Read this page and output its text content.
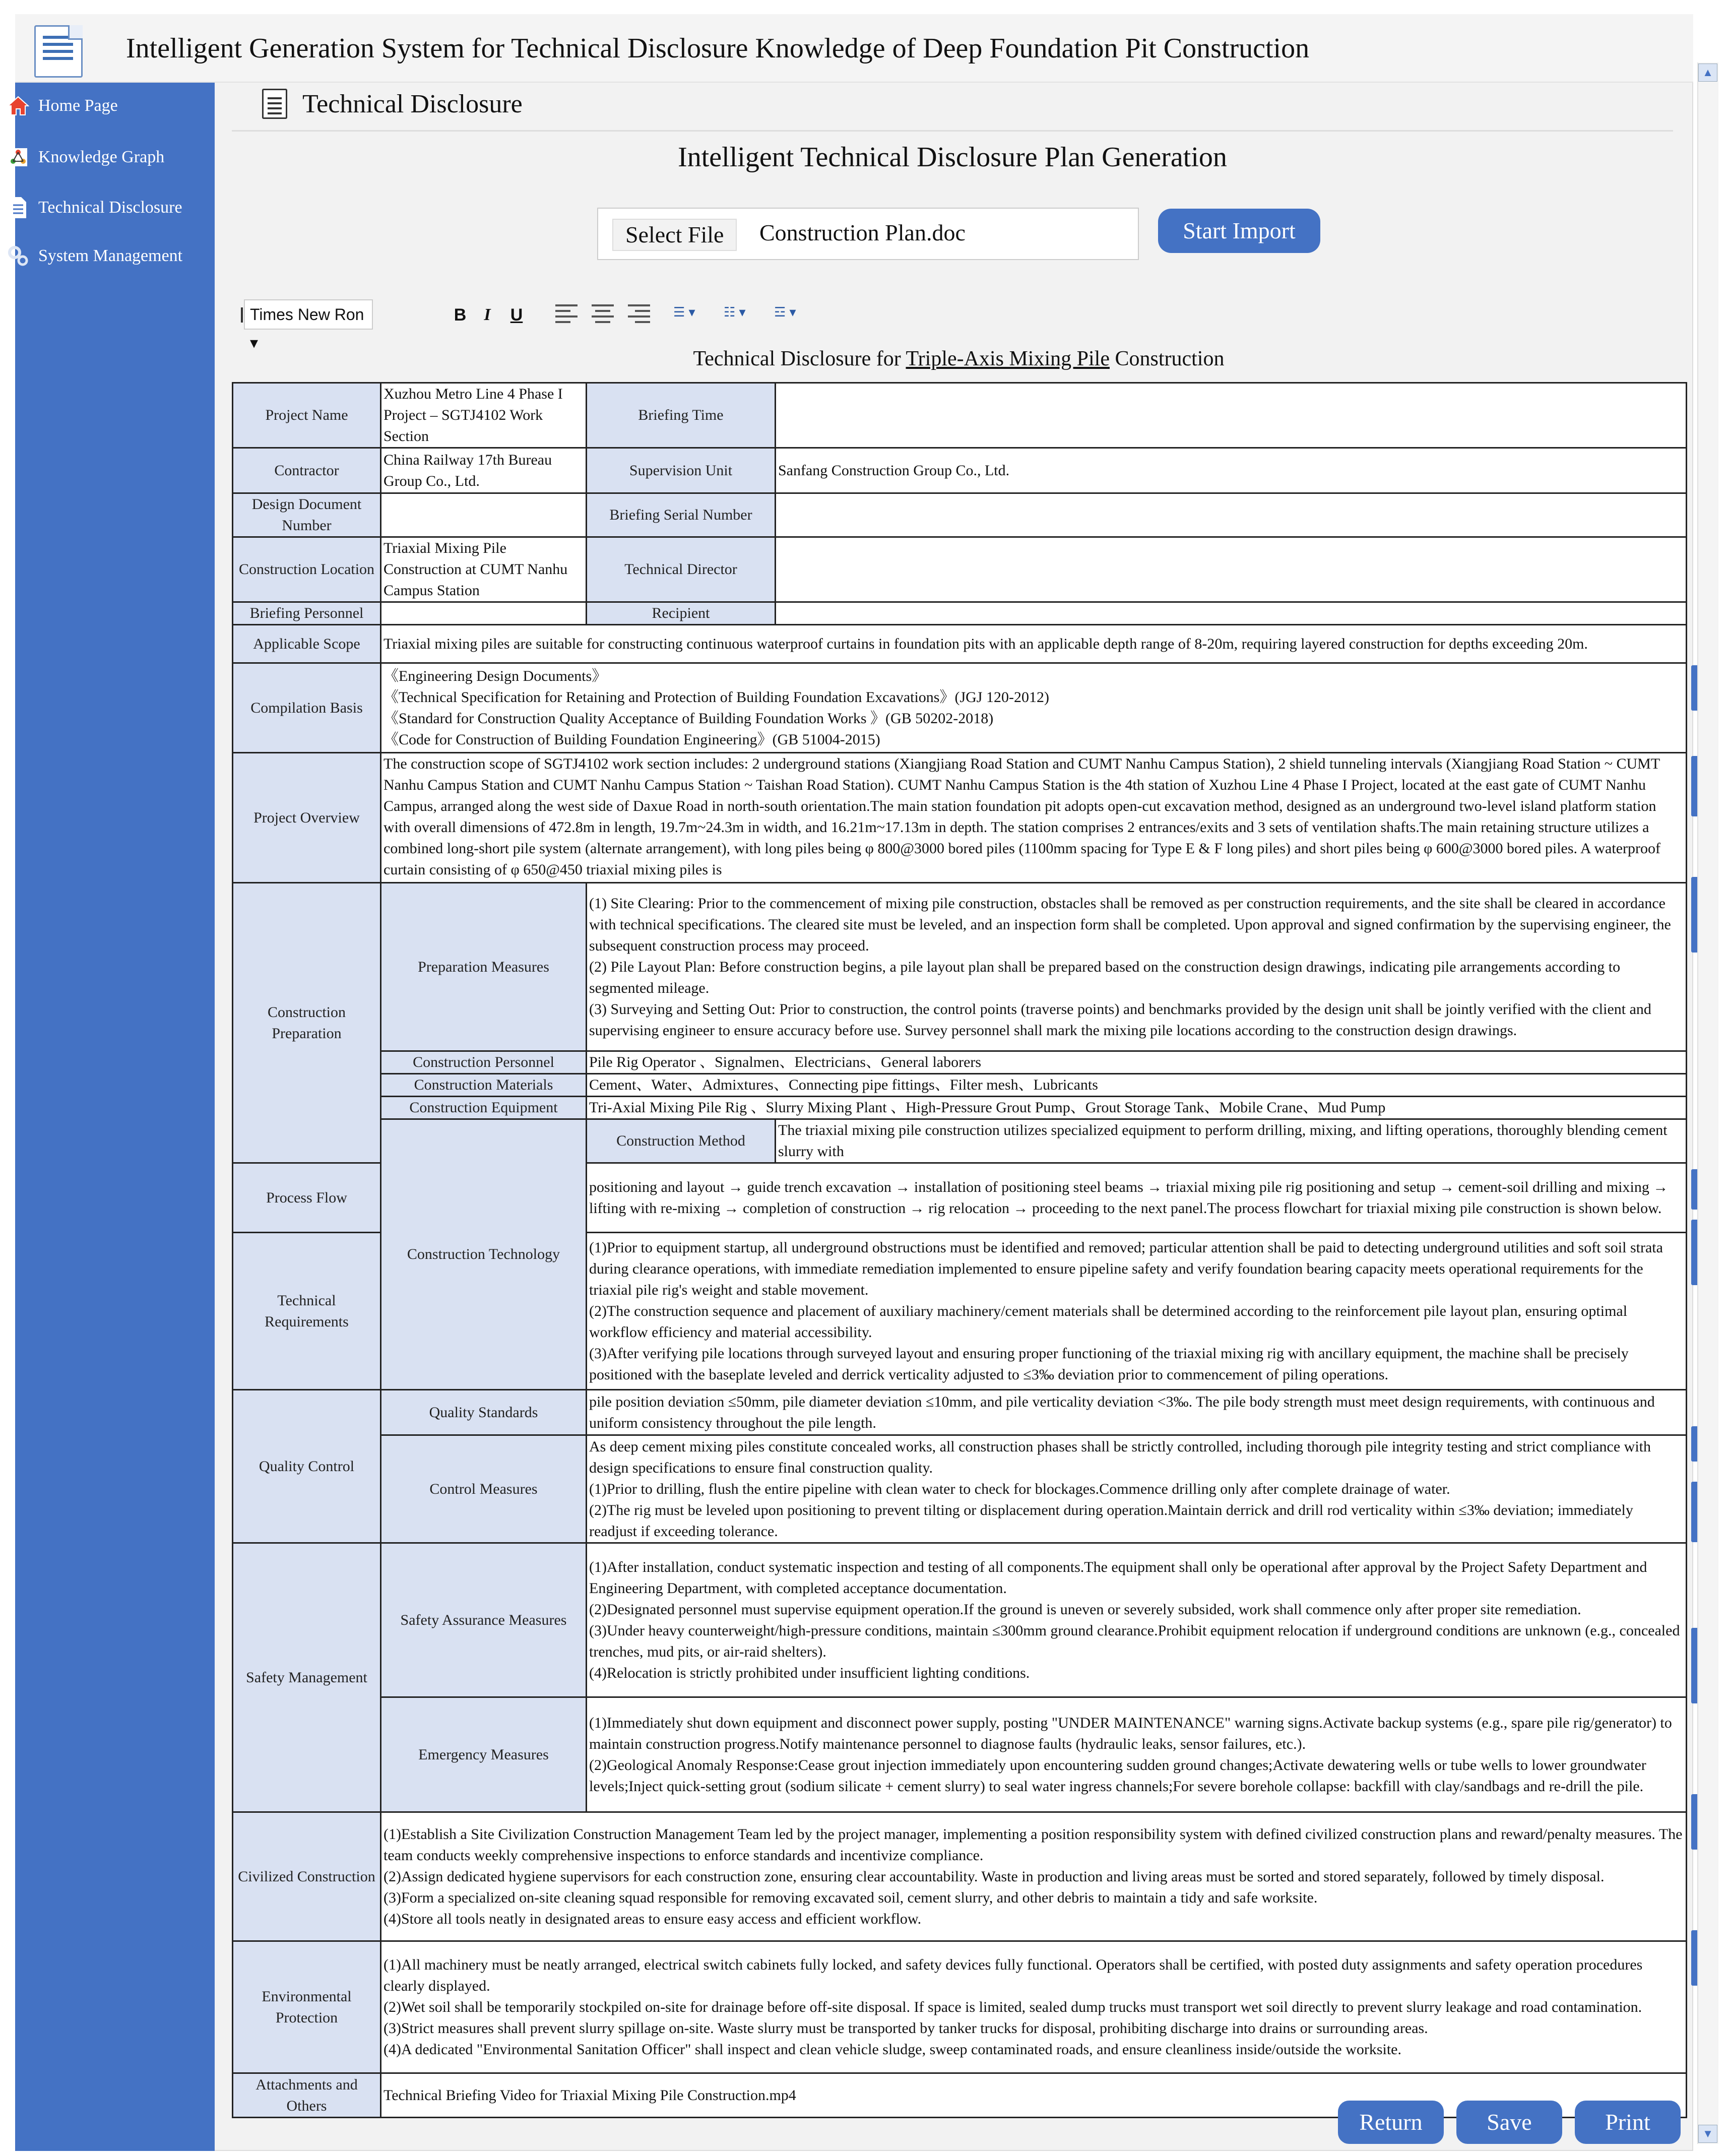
Intelligent Generation System for Technical Disclosure Knowledge of Deep Foundation Pit Construction
Home Page
Knowledge Graph
Technical Disclosure
System Management
Technical Disclosure
Intelligent Technical Disclosure Plan Generation
Select File	Construction Plan.doc	Start Import
Times New Ron ▾
B I U	☰ ▾	☷ ▾	☲ ▾
Technical Disclosure for Triple-Axis Mixing Pile Construction
Project Name	Xuzhou Metro Line 4 Phase I Project – SGTJ4102 Work Section	Briefing Time	
Contractor	China Railway 17th Bureau Group Co., Ltd.	Supervision Unit	Sanfang Construction Group Co., Ltd.
Design Document Number		Briefing Serial Number	
Construction Location	Triaxial Mixing Pile Construction at CUMT Nanhu Campus Station	Technical Director	
Briefing Personnel		Recipient	
Applicable Scope	Triaxial mixing piles are suitable for constructing continuous waterproof curtains in foundation pits with an applicable depth range of 8-20m, requiring layered construction for depths exceeding 20m.		
Compilation Basis	《Engineering Design Documents》
《Technical Specification for Retaining and Protection of Building Foundation Excavations》(JGJ 120-2012)
《Standard for Construction Quality Acceptance of Building Foundation Works 》(GB 50202-2018)
《Code for Construction of Building Foundation Engineering》(GB 51004-2015)		

Project Overview	The construction scope of SGTJ4102 work section includes: 2 underground stations (Xiangjiang Road Station and CUMT Nanhu Campus Station), 2 shield tunneling intervals (Xiangjiang Road Station ~ CUMT Nanhu Campus Station and CUMT Nanhu Campus Station ~ Taishan Road Station). CUMT Nanhu Campus Station is the 4th station of Xuzhou Line 4 Phase I Project, located at the east gate of CUMT Nanhu Campus, arranged along the west side of Daxue Road in north-south orientation.The main station foundation pit adopts open-cut excavation method, designed as an underground two-level island platform station with overall dimensions of 472.8m in length, 19.7m~24.3m in width, and 16.21m~17.13m in depth. The station comprises 2 entrances/exits and 3 sets of ventilation shafts.The main retaining structure utilizes a combined long-short pile system (alternate arrangement), with long piles being φ 800@3000 bored piles (1100mm spacing for Type E & F long piles) and short piles being φ 600@3000 bored piles. A waterproof curtain consisting of φ 650@450 triaxial mixing piles is		
Construction Preparation	Preparation Measures	(1) Site Clearing: Prior to the commencement of mixing pile construction, obstacles shall be removed as per construction requirements, and the site shall be cleared in accordance with technical specifications. The cleared site must be leveled, and an inspection form shall be completed. Upon approval and signed confirmation by the supervising engineer, the subsequent construction process may proceed.
(2) Pile Layout Plan: Before construction begins, a pile layout plan shall be prepared based on the construction design drawings, indicating pile arrangements according to segmented mileage.
(3) Surveying and Setting Out: Prior to construction, the control points (traverse points) and benchmarks provided by the design unit shall be jointly verified with the client and supervising engineer to ensure accuracy before use. Survey personnel shall mark the mixing pile locations according to the construction design drawings.	

	Construction Personnel	Pile Rig Operator 、Signalmen、Electricians、General laborers	
	Construction Materials	Cement、Water、Admixtures、Connecting pipe fittings、Filter mesh、Lubricants	
	Construction Equipment	Tri-Axial Mixing Pile Rig 、Slurry Mixing Plant 、High-Pressure Grout Pump、Grout Storage Tank、Mobile Crane、Mud Pump	
	Construction Technology	Construction Method	The triaxial mixing pile construction utilizes specialized equipment to perform drilling, mixing, and lifting operations, thoroughly blending cement slurry with
Process Flow		positioning and layout → guide trench excavation → installation of positioning steel beams → triaxial mixing pile rig positioning and setup → cement-soil drilling and mixing → lifting with re-mixing → completion of construction → rig relocation → proceeding to the next panel.The process flowchart for triaxial mixing pile construction is shown below.	
Technical Requirements		(1)Prior to equipment startup, all underground obstructions must be identified and removed; particular attention shall be paid to detecting underground utilities and soft soil strata during clearance operations, with immediate remediation implemented to ensure pipeline safety and verify foundation bearing capacity meets operational requirements for the triaxial pile rig's weight and stable movement.
(2)The construction sequence and placement of auxiliary machinery/cement materials shall be determined according to the reinforcement pile layout plan, ensuring optimal workflow efficiency and material accessibility.
(3)After verifying pile locations through surveyed layout and ensuring proper functioning of the triaxial mixing rig with ancillary equipment, the machine shall be precisely positioned with the baseplate leveled and derrick verticality adjusted to ≤3‰ deviation prior to commencement of piling operations.	

Quality Control	Quality Standards	pile position deviation ≤50mm, pile diameter deviation ≤10mm, and pile verticality deviation <3‰. The pile body strength must meet design requirements, with continuous and uniform consistency throughout the pile length.	
	Control Measures	As deep cement mixing piles constitute concealed works, all construction phases shall be strictly controlled, including thorough pile integrity testing and strict compliance with design specifications to ensure final construction quality.
(1)Prior to drilling, flush the entire pipeline with clean water to check for blockages.Commence drilling only after complete drainage of water.
(2)The rig must be leveled upon positioning to prevent tilting or displacement during operation.Maintain derrick and drill rod verticality within ≤3‰ deviation; immediately readjust if exceeding tolerance.	

Safety Management	Safety Assurance Measures	(1)After installation, conduct systematic inspection and testing of all components.The equipment shall only be operational after approval by the Project Safety Department and Engineering Department, with completed acceptance documentation.
(2)Designated personnel must supervise equipment operation.If the ground is uneven or severely subsided, work shall commence only after proper site remediation.
(3)Under heavy counterweight/high-pressure conditions, maintain ≤300mm ground clearance.Prohibit equipment relocation if underground conditions are unknown (e.g., concealed trenches, mud pits, or air-raid shelters).
(4)Relocation is strictly prohibited under insufficient lighting conditions.	

	Emergency Measures	(1)Immediately shut down equipment and disconnect power supply, posting "UNDER MAINTENANCE" warning signs.Activate backup systems (e.g., spare pile rig/generator) to maintain construction progress.Notify maintenance personnel to diagnose faults (hydraulic leaks, sensor failures, etc.).
(2)Geological Anomaly Response:Cease grout injection immediately upon encountering sudden ground changes;Activate dewatering wells or tube wells to lower groundwater levels;Inject quick-setting grout (sodium silicate + cement slurry) to seal water ingress channels;For severe borehole collapse: backfill with clay/sandbags and re-drill the pile.	

Civilized Construction	(1)Establish a Site Civilization Construction Management Team led by the project manager, implementing a position responsibility system with defined civilized construction plans and reward/penalty measures. The team conducts weekly comprehensive inspections to enforce standards and incentivize compliance.
(2)Assign dedicated hygiene supervisors for each construction zone, ensuring clear accountability. Waste in production and living areas must be sorted and stored separately, followed by timely disposal.
(3)Form a specialized on-site cleaning squad responsible for removing excavated soil, cement slurry, and other debris to maintain a tidy and safe worksite.
(4)Store all tools neatly in designated areas to ensure easy access and efficient workflow.		

Environmental Protection	(1)All machinery must be neatly arranged, electrical switch cabinets fully locked, and safety devices fully functional. Operators shall be certified, with posted duty assignments and safety operation procedures clearly displayed.
(2)Wet soil shall be temporarily stockpiled on-site for drainage before off-site disposal. If space is limited, sealed dump trucks must transport wet soil directly to prevent slurry leakage and road contamination.
(3)Strict measures shall prevent slurry spillage on-site. Waste slurry must be transported by tanker trucks for disposal, prohibiting discharge into drains or surrounding areas.
(4)A dedicated "Environmental Sanitation Officer" shall inspect and clean vehicle sludge, sweep contaminated roads, and ensure cleanliness inside/outside the worksite.		

Attachments and Others	Technical Briefing Video for Triaxial Mixing Pile Construction.mp4		
▲
▼
Return	Save	Print
